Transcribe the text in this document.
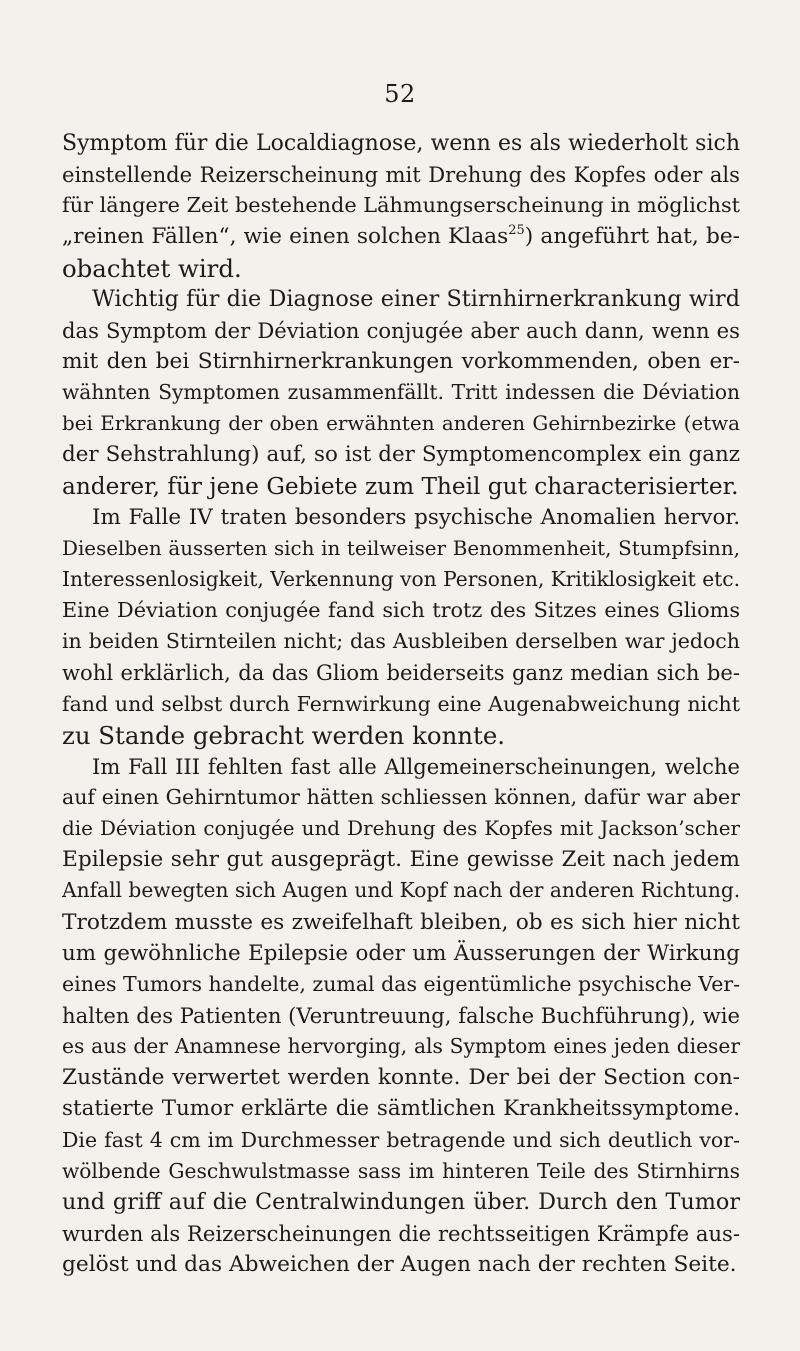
52
Symptom für die Localdiagnose, wenn es als wiederholt sich
einstellende Reizerscheinung mit Drehung des Kopfes oder als
für längere Zeit bestehende Lähmungserscheinung in möglichst
„reinen Fällen“, wie einen solchen Klaas$^{25}$) angeführt hat, be-
obachtet wird.
Wichtig für die Diagnose einer Stirnhirnerkrankung wird
das Symptom der Déviation conjugée aber auch dann, wenn es
mit den bei Stirnhirnerkrankungen vorkommenden, oben er-
wähnten Symptomen zusammenfällt. Tritt indessen die Déviation
bei Erkrankung der oben erwähnten anderen Gehirnbezirke (etwa
der Sehstrahlung) auf, so ist der Symptomencomplex ein ganz
anderer, für jene Gebiete zum Theil gut characterisierter.
Im Falle IV traten besonders psychische Anomalien hervor.
Dieselben äusserten sich in teilweiser Benommenheit, Stumpfsinn,
Interessenlosigkeit, Verkennung von Personen, Kritiklosigkeit etc.
Eine Déviation conjugée fand sich trotz des Sitzes eines Glioms
in beiden Stirnteilen nicht; das Ausbleiben derselben war jedoch
wohl erklärlich, da das Gliom beiderseits ganz median sich be-
fand und selbst durch Fernwirkung eine Augenabweichung nicht
zu Stande gebracht werden konnte.
Im Fall III fehlten fast alle Allgemeinerscheinungen, welche
auf einen Gehirntumor hätten schliessen können, dafür war aber
die Déviation conjugée und Drehung des Kopfes mit Jackson’scher
Epilepsie sehr gut ausgeprägt. Eine gewisse Zeit nach jedem
Anfall bewegten sich Augen und Kopf nach der anderen Richtung.
Trotzdem musste es zweifelhaft bleiben, ob es sich hier nicht
um gewöhnliche Epilepsie oder um Äusserungen der Wirkung
eines Tumors handelte, zumal das eigentümliche psychische Ver-
halten des Patienten (Veruntreuung, falsche Buchführung), wie
es aus der Anamnese hervorging, als Symptom eines jeden dieser
Zustände verwertet werden konnte. Der bei der Section con-
statierte Tumor erklärte die sämtlichen Krankheitssymptome.
Die fast 4 cm im Durchmesser betragende und sich deutlich vor-
wölbende Geschwulstmasse sass im hinteren Teile des Stirnhirns
und griff auf die Centralwindungen über. Durch den Tumor
wurden als Reizerscheinungen die rechtsseitigen Krämpfe aus-
gelöst und das Abweichen der Augen nach der rechten Seite.
